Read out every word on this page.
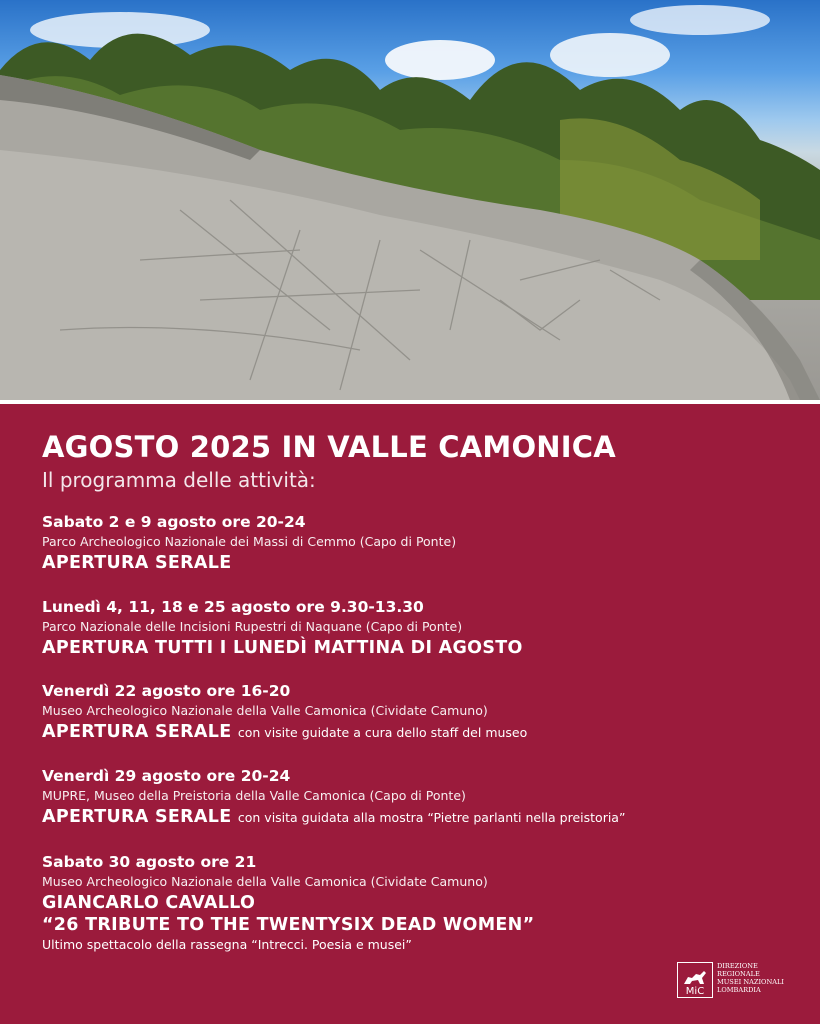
AGOSTO 2025 IN VALLE CAMONICA
Il programma delle attività:
Sabato 2 e 9 agosto ore 20-24
Parco Archeologico Nazionale dei Massi di Cemmo (Capo di Ponte)
APERTURA SERALE
Lunedì 4, 11, 18 e 25 agosto ore 9.30-13.30
Parco Nazionale delle Incisioni Rupestri di Naquane (Capo di Ponte)
APERTURA TUTTI I LUNEDÌ MATTINA DI AGOSTO
Venerdì 22 agosto ore 16-20
Museo Archeologico Nazionale della Valle Camonica (Cividate Camuno)
APERTURA SERALE con visite guidate a cura dello staff del museo
Venerdì 29 agosto ore 20-24
MUPRE, Museo della Preistoria della Valle Camonica (Capo di Ponte)
APERTURA SERALE con visita guidata alla mostra “Pietre parlanti nella preistoria”
Sabato 30 agosto ore 21
Museo Archeologico Nazionale della Valle Camonica (Cividate Camuno)
GIANCARLO CAVALLO
“26 TRIBUTE TO THE TWENTYSIX DEAD WOMEN”
Ultimo spettacolo della rassegna “Intrecci. Poesia e musei”
MiC
DIREZIONE
REGIONALE
MUSEI NAZIONALI
LOMBARDIA
